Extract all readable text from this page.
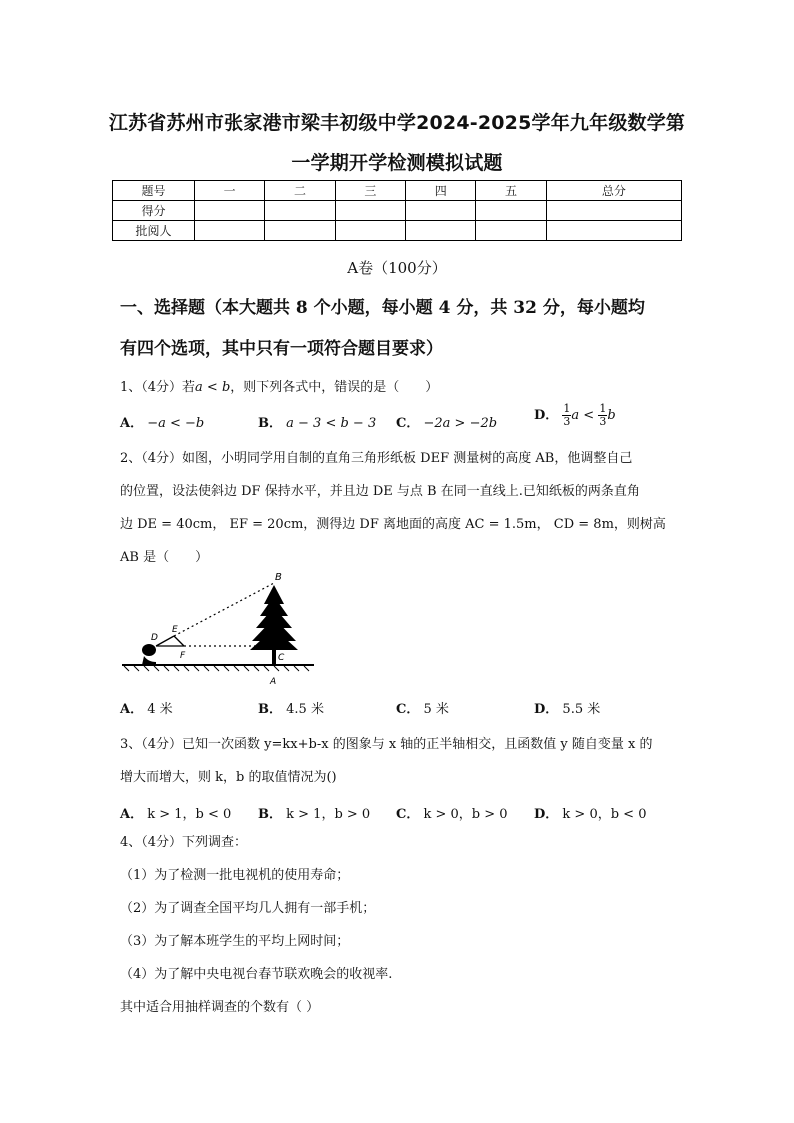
江苏省苏州市张家港市梁丰初级中学2024-2025学年九年级数学第
一学期开学检测模拟试题
题号	一	二	三	四	五	总分
得分						
批阅人						
A卷（100分）
一、选择题（本大题共 8 个小题，每小题 4 分，共 32 分，每小题均
有四个选项，其中只有一项符合题目要求）
1、（4分）若a < b，则下列各式中，错误的是（　　）
A． −a < −b	B． a − 3 < b − 3 C． −2a > −2b
D． $\frac{1}{3}$ $a < \frac{1}{3}$ b
2、（4分）如图，小明同学用自制的直角三角形纸板 DEF 测量树的高度 AB，他调整自己
的位置，设法使斜边 DF 保持水平，并且边 DE 与点 B 在同一直线上.已知纸板的两条直角
边 DE = 40cm， EF = 20cm，测得边 DF 离地面的高度 AC = 1.5m， CD = 8m，则树高
AB 是（　　）
B
E
D
F	C
A
A． 4 米	B． 4.5 米	C． 5 米	D． 5.5 米
3、（4分）已知一次函数 y=kx+b-x 的图象与 x 轴的正半轴相交，且函数值 y 随自变量 x 的
增大而增大，则 k，b 的取值情况为()
A． k > 1，b < 0 B． k > 1，b > 0 C． k > 0，b > 0 D． k > 0，b < 0
4、（4分）下列调查：
（1）为了检测一批电视机的使用寿命；
（2）为了调查全国平均几人拥有一部手机；
（3）为了解本班学生的平均上网时间；
（4）为了解中央电视台春节联欢晚会的收视率.
其中适合用抽样调查的个数有（ ）
